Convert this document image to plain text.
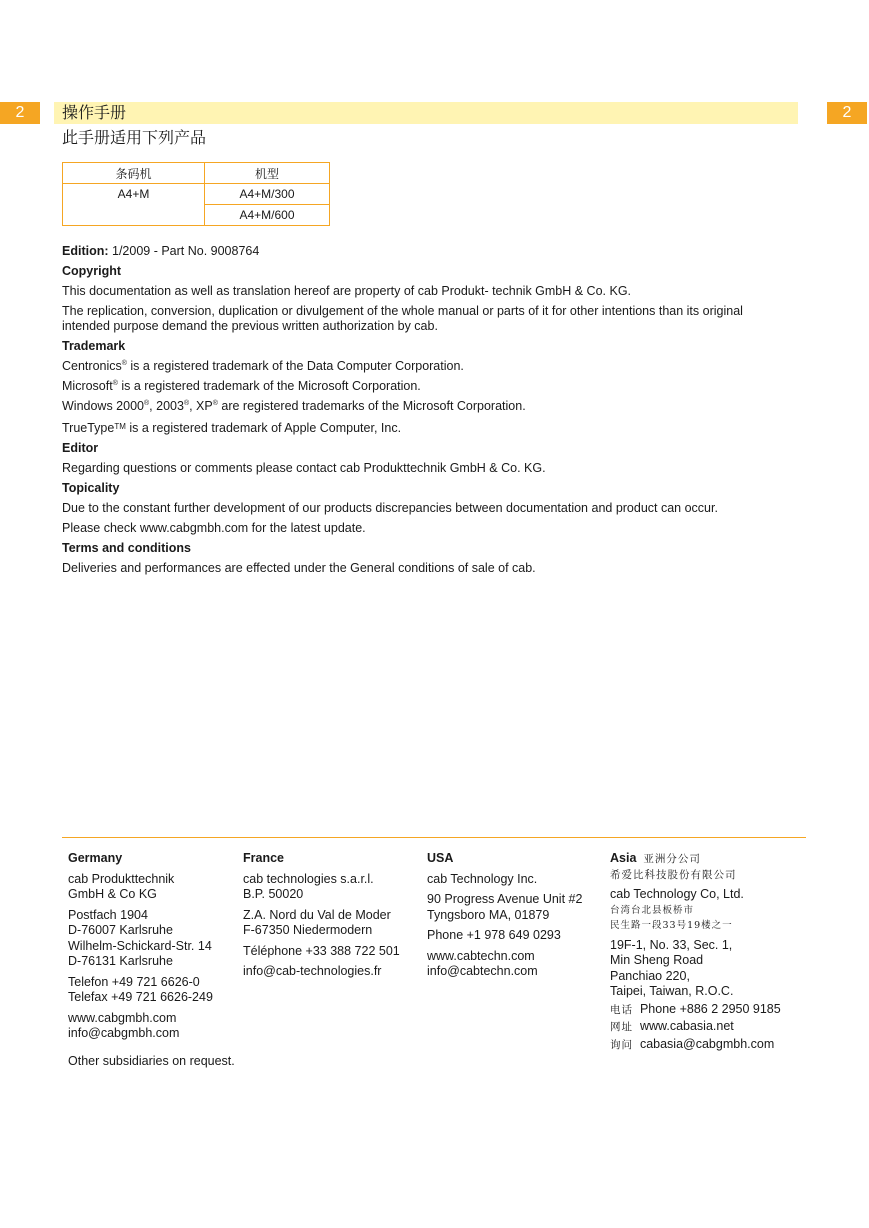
2	操作手册	2
此手册适用下列产品
条码机	机型
A4+M	A4+M/300
	A4+M/600
Edition: 1/2009 - Part No. 9008764
Copyright
This documentation as well as translation hereof are property of cab Produkt- technik GmbH & Co. KG.
The replication, conversion, duplication or divulgement of the whole manual or parts of it for other intentions than its original intended purpose demand the previous written authorization by cab.
Trademark
Centronics® is a registered trademark of the Data Computer Corporation.
Microsoft® is a registered trademark of the Microsoft Corporation.
Windows 2000®, 2003®, XP® are registered trademarks of the Microsoft Corporation.
TrueType™ is a registered trademark of Apple Computer, Inc.
Editor
Regarding questions or comments please contact cab Produkttechnik GmbH & Co. KG.
Topicality
Due to the constant further development of our products discrepancies between documentation and product can occur.
Please check www.cabgmbh.com for the latest update.
Terms and conditions
Deliveries and performances are effected under the General conditions of sale of cab.
Germany
cab Produkttechnik
GmbH & Co KG
Postfach 1904
D-76007 Karlsruhe
Wilhelm-Schickard-Str. 14
D-76131 Karlsruhe
Telefon +49 721 6626-0
Telefax +49 721 6626-249
www.cabgmbh.com
info@cabgmbh.com
France
cab technologies s.a.r.l.
B.P. 50020
Z.A. Nord du Val de Moder
F-67350 Niedermodern
Téléphone +33 388 722 501
info@cab-technologies.fr
USA
cab Technology Inc.
90 Progress Avenue Unit #2
Tyngsboro MA, 01879
Phone +1 978 649 0293
www.cabtechn.com
info@cabtechn.com
Asia 亚洲分公司
希爱比科技股份有限公司
cab Technology Co, Ltd.
台湾台北县板桥市
民生路一段33号19楼之一
19F-1, No. 33, Sec. 1,
Min Sheng Road
Panchiao 220,
Taipei, Taiwan, R.O.C.
电话 Phone +886 2 2950 9185
网址 www.cabasia.net
询问 cabasia@cabgmbh.com
Other subsidiaries on request.
